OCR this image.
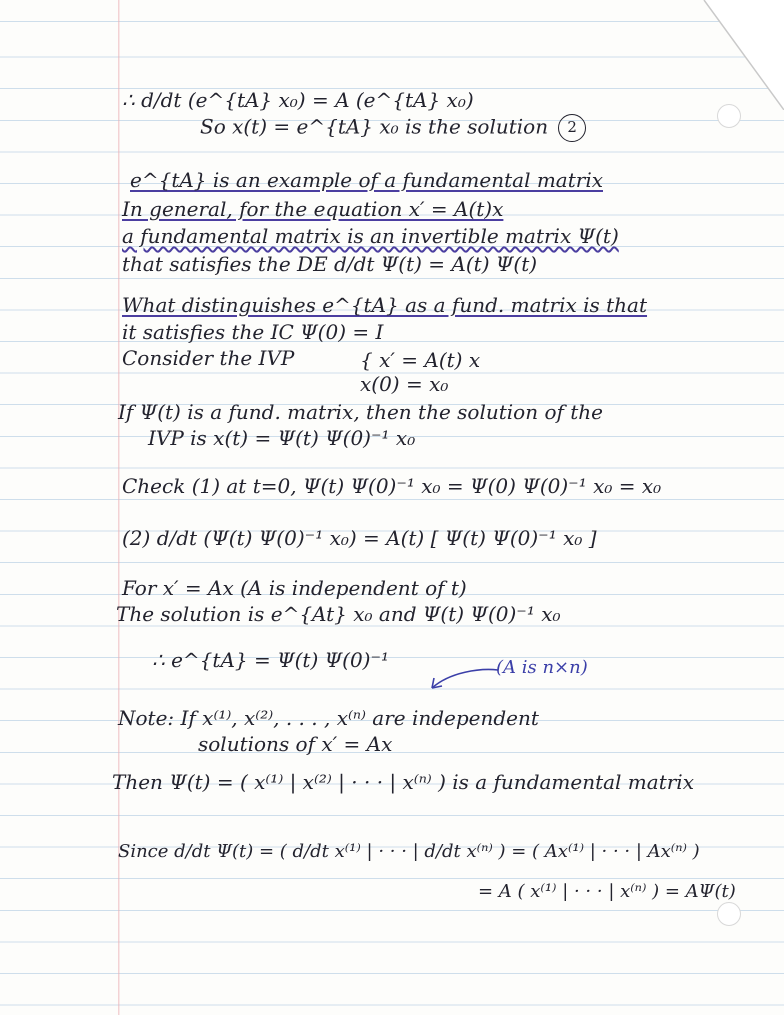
∴ d/dt (e^{tA} x₀) = A (e^{tA} x₀)
So x(t) = e^{tA} x₀ is the solution 2
e^{tA} is an example of a fundamental matrix
In general, for the equation x′ = A(t)x
a fundamental matrix is an invertible matrix Ψ(t)
that satisfies the DE d/dt Ψ(t) = A(t) Ψ(t)
What distinguishes e^{tA} as a fund. matrix is that
it satisfies the IC Ψ(0) = I
Consider the IVP	{ x′ = A(t) x
x(0) = x₀
If Ψ(t) is a fund. matrix, then the solution of the
IVP is x(t) = Ψ(t) Ψ(0)⁻¹ x₀
Check (1) at t=0, Ψ(t) Ψ(0)⁻¹ x₀ = Ψ(0) Ψ(0)⁻¹ x₀ = x₀
(2) d/dt (Ψ(t) Ψ(0)⁻¹ x₀) = A(t) [ Ψ(t) Ψ(0)⁻¹ x₀ ]
For x′ = Ax (A is independent of t)
The solution is e^{At} x₀ and Ψ(t) Ψ(0)⁻¹ x₀
∴ e^{tA} = Ψ(t) Ψ(0)⁻¹	(A is n×n)
Note: If x⁽¹⁾, x⁽²⁾, . . . , x⁽ⁿ⁾ are independent
solutions of x′ = Ax
Then Ψ(t) = ( x⁽¹⁾ | x⁽²⁾ | · · · | x⁽ⁿ⁾ ) is a fundamental matrix
Since d/dt Ψ(t) = ( d/dt x⁽¹⁾ | · · · | d/dt x⁽ⁿ⁾ ) = ( Ax⁽¹⁾ | · · · | Ax⁽ⁿ⁾ )
= A ( x⁽¹⁾ | · · · | x⁽ⁿ⁾ ) = AΨ(t)
